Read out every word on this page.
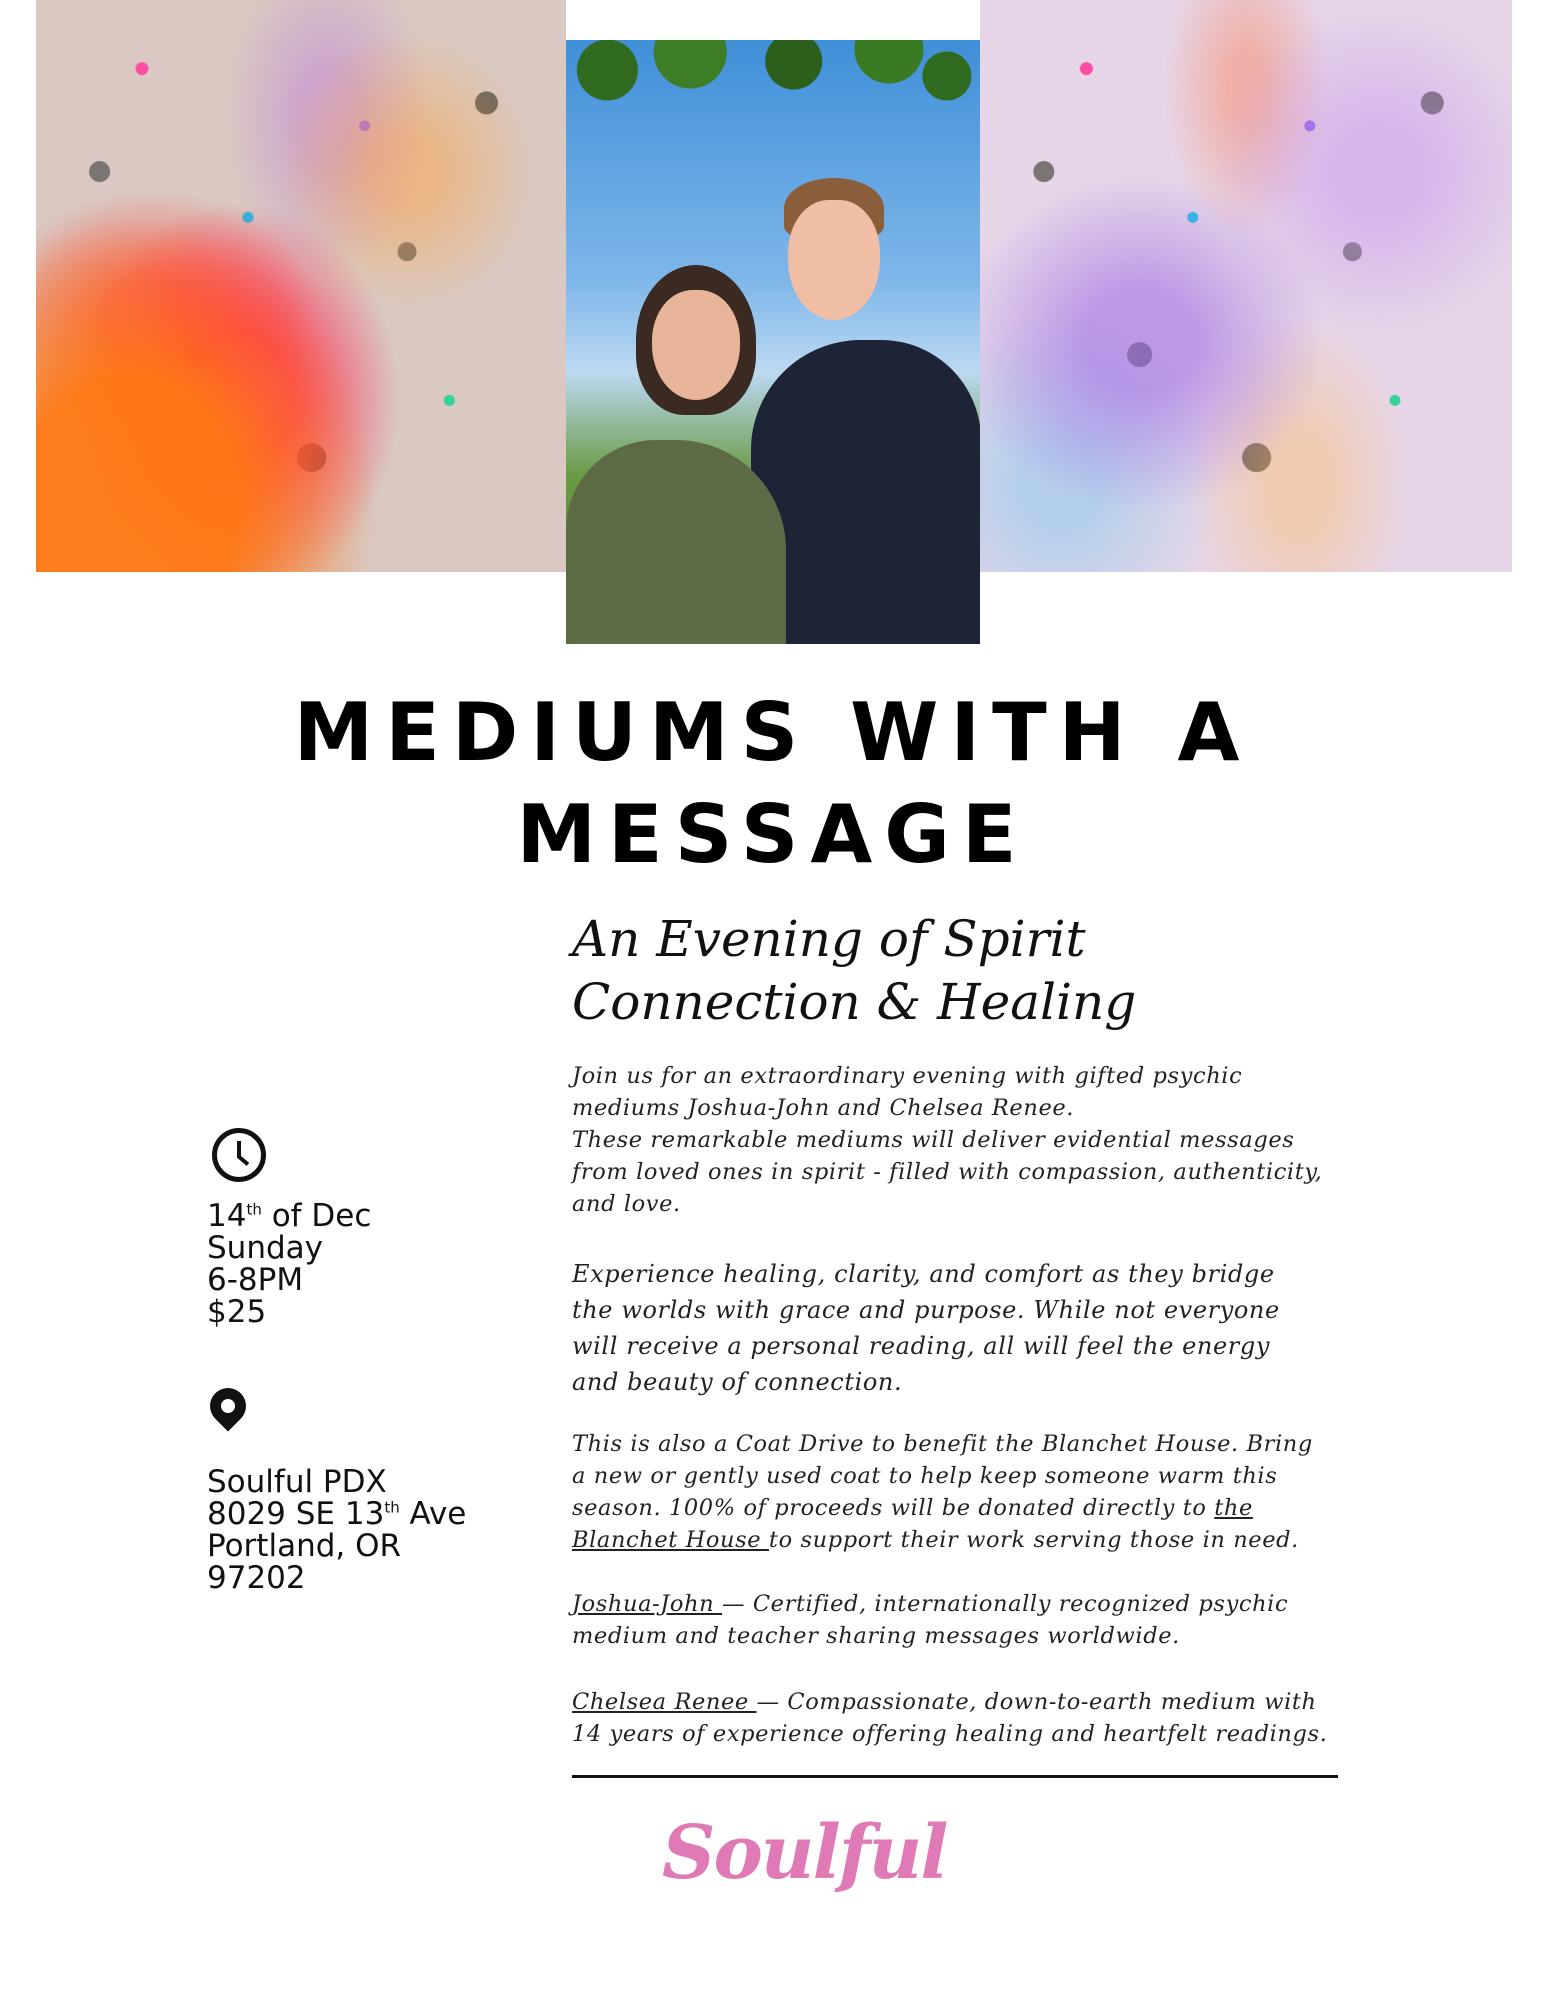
MEDIUMS WITH A
MESSAGE
An Evening of Spirit
Connection & Healing
Join us for an extraordinary evening with gifted psychic
mediums Joshua-John and Chelsea Renee.
These remarkable mediums will deliver evidential messages
from loved ones in spirit - filled with compassion, authenticity,
and love.
Experience healing, clarity, and comfort as they bridge
the worlds with grace and purpose. While not everyone
will receive a personal reading, all will feel the energy
and beauty of connection.
This is also a Coat Drive to benefit the Blanchet House. Bring
a new or gently used coat to help keep someone warm this
season. 100% of proceeds will be donated directly to the
Blanchet House to support their work serving those in need.
Joshua-John — Certified, internationally recognized psychic
medium and teacher sharing messages worldwide.
Chelsea Renee — Compassionate, down-to-earth medium with
14 years of experience offering healing and heartfelt readings.
Soulful
14th of Dec
Sunday
6-8PM
$25
Soulful PDX
8029 SE 13th Ave
Portland, OR
97202
